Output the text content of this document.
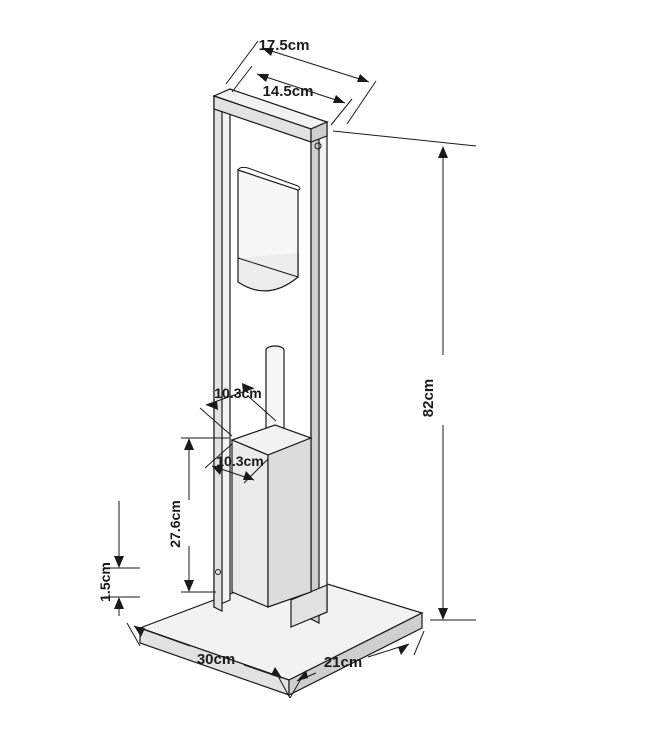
17.5cm
14.5cm
82cm
10.3cm
10.3cm
27.6cm
1.5cm
30cm	21cm
